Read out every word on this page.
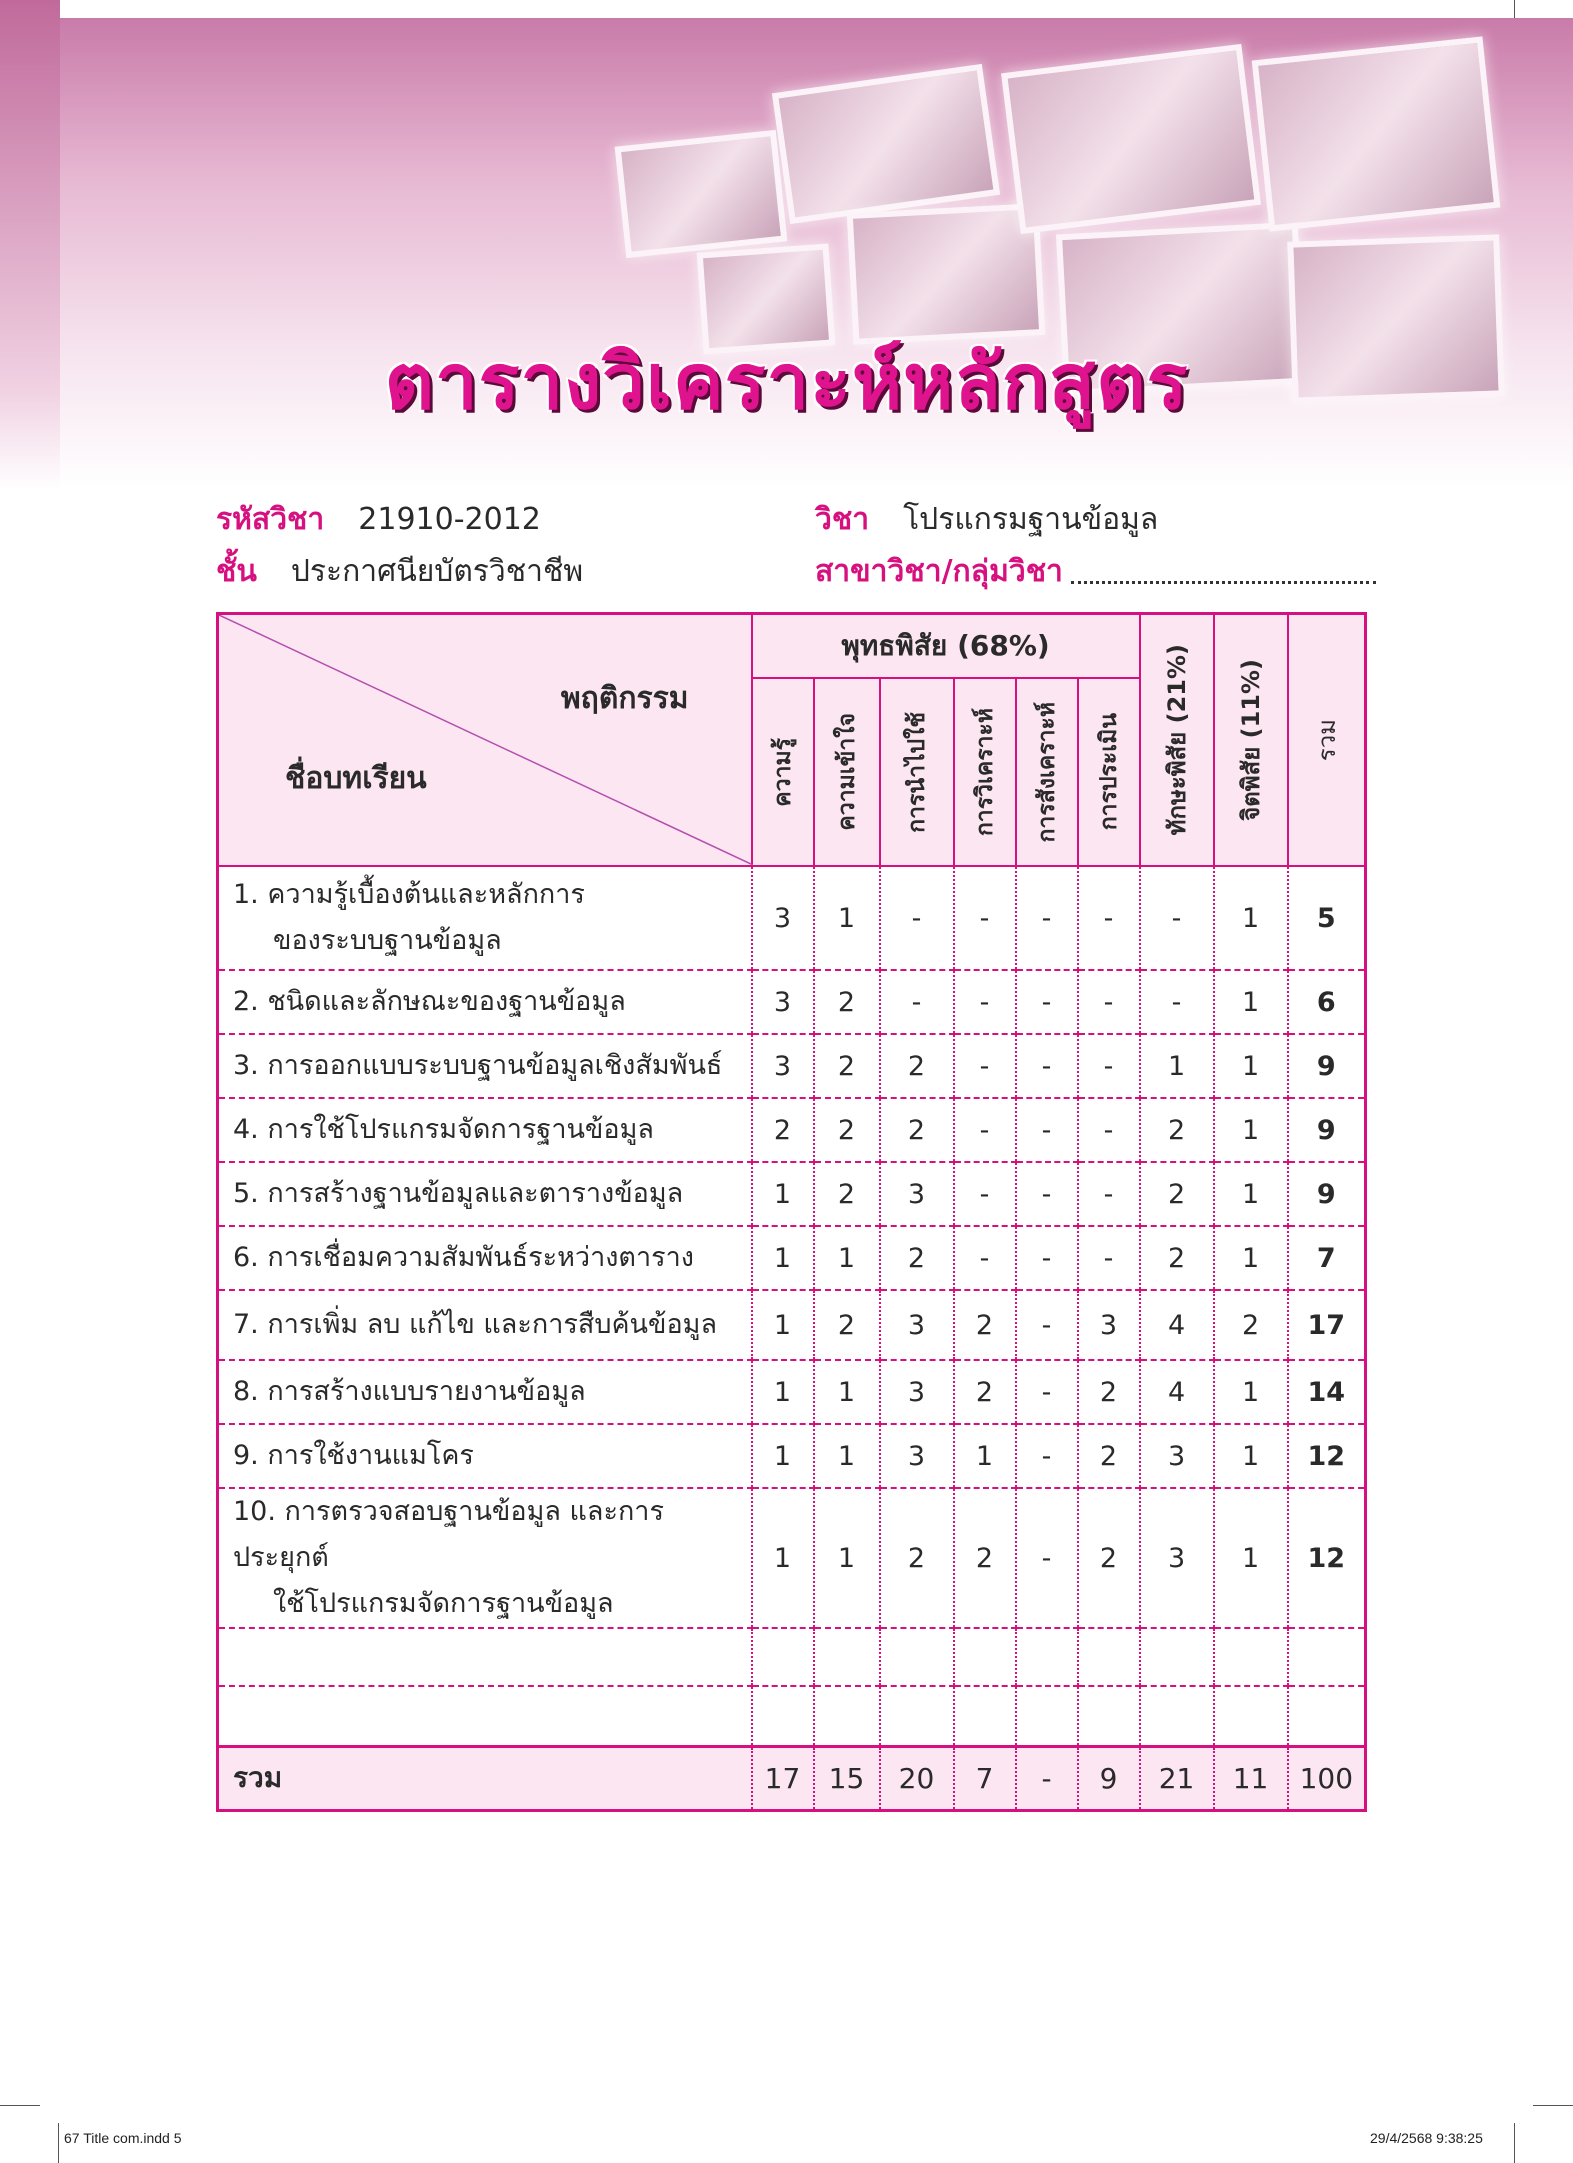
ตารางวิเคราะห์หลักสูตร
รหัสวิชา 21910-2012	วิชา โปรแกรมฐานข้อมูล
ชั้น ประกาศนียบัตรวิชาชีพ	สาขาวิชา/กลุ่มวิชา
พฤติกรรม
ชื่อบทเรียน	พุทธพิสัย (68%)						ทักษะพิสัย (21%)	จิตพิสัย (11%)	รวม

	ความรู้	ความเข้าใจ	การนำไปใช้	การวิเคราะห์	การสังเคราะห์	การประเมิน			

1. ความรู้เบื้องต้นและหลักการ
ของระบบฐานข้อมูล	3	1	-	-	-	-	-	1	5

2. ชนิดและลักษณะของฐานข้อมูล	3	2	-	-	-	-	-	1	6

3. การออกแบบระบบฐานข้อมูลเชิงสัมพันธ์	3	2	2	-	-	-	1	1	9

4. การใช้โปรแกรมจัดการฐานข้อมูล	2	2	2	-	-	-	2	1	9

5. การสร้างฐานข้อมูลและตารางข้อมูล	1	2	3	-	-	-	2	1	9

6. การเชื่อมความสัมพันธ์ระหว่างตาราง	1	1	2	-	-	-	2	1	7

7. การเพิ่ม ลบ แก้ไข และการสืบค้นข้อมูล	1	2	3	2	-	3	4	2	17

8. การสร้างแบบรายงานข้อมูล	1	1	3	2	-	2	4	1	14

9. การใช้งานแมโคร	1	1	3	1	-	2	3	1	12

10. การตรวจสอบฐานข้อมูล และการประยุกต์
ใช้โปรแกรมจัดการฐานข้อมูล	1	1	2	2	-	2	3	1	12

รวม	17	15	20	7	-	9	21	11	100
67 Title com.indd 5	29/4/2568 9:38:25
